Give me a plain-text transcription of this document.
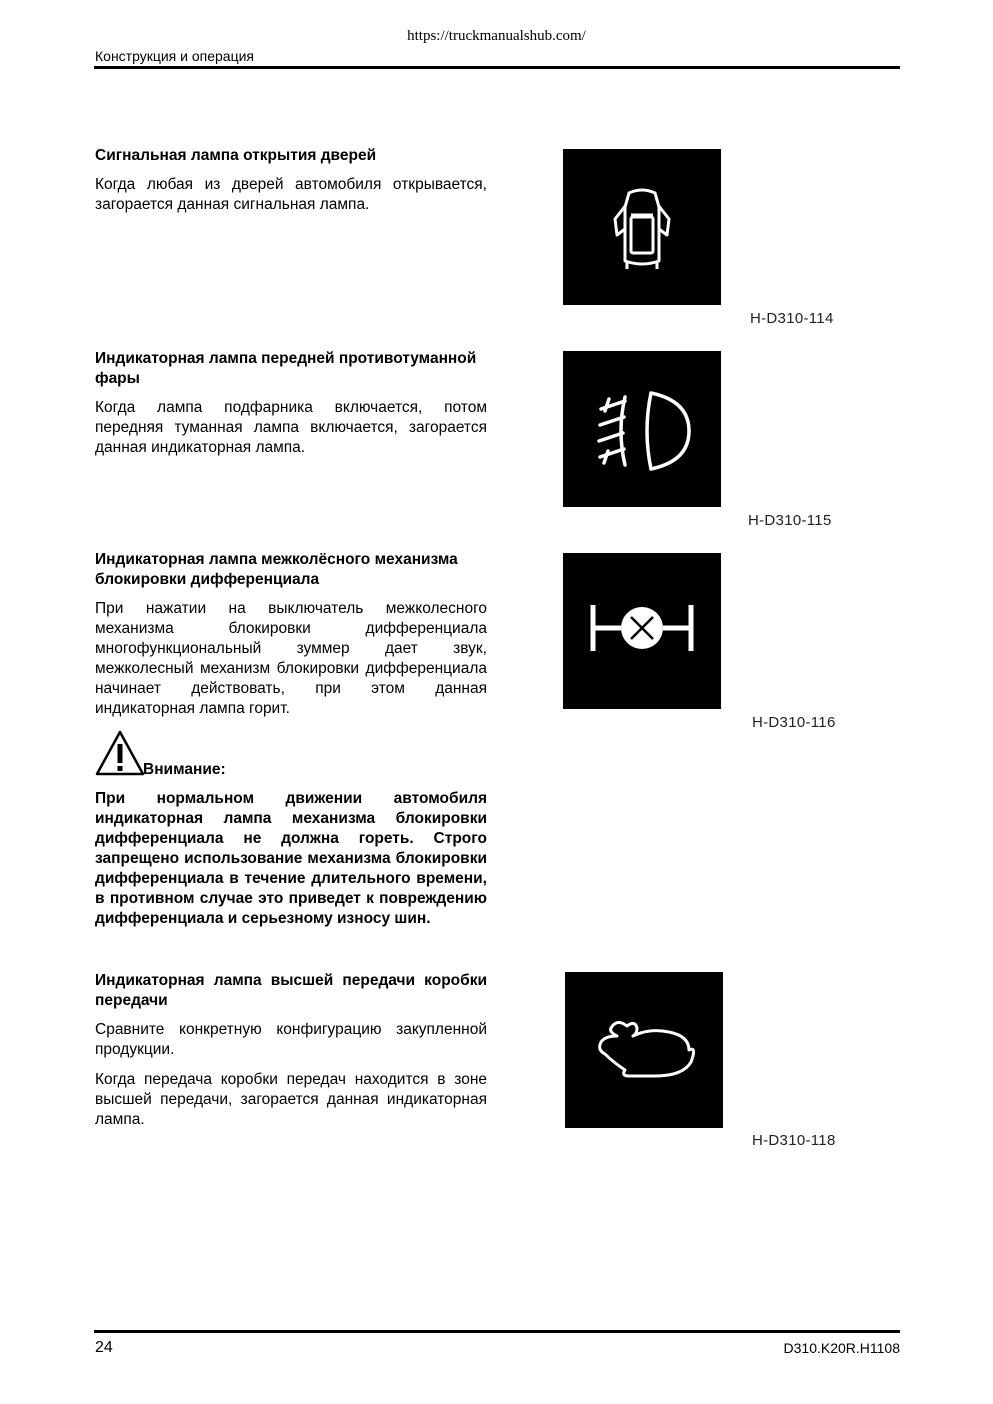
https://truckmanualshub.com/
Конструкция и операция
Сигнальная лампа открытия дверей
Когда любая из дверей автомобиля открывается, загорается данная сигнальная лампа.
H-D310-114
Индикаторная лампа передней противотуманной фары
Когда лампа подфарника включается, потом передняя туманная лампа включается, загорается данная индикаторная лампа.
H-D310-115
Индикаторная лампа межколёсного механизма блокировки дифференциала
При нажатии на выключатель межколесного механизма блокировки дифференциала многофункциональный зуммер дает звук, межколесный механизм блокировки дифференциала начинает действовать, при этом данная индикаторная лампа горит.
H-D310-116
Внимание:
При нормальном движении автомобиля индикаторная лампа механизма блокировки дифференциала не должна гореть. Строго запрещено использование механизма блокировки дифференциала в течение длительного времени, в противном случае это приведет к повреждению дифференциала и серьезному износу шин.
Индикаторная лампа высшей передачи коробки передачи
Сравните конкретную конфигурацию закупленной продукции.
Когда передача коробки передач находится в зоне высшей передачи, загорается данная индикаторная лампа.
H-D310-118
24	D310.K20R.H1108
